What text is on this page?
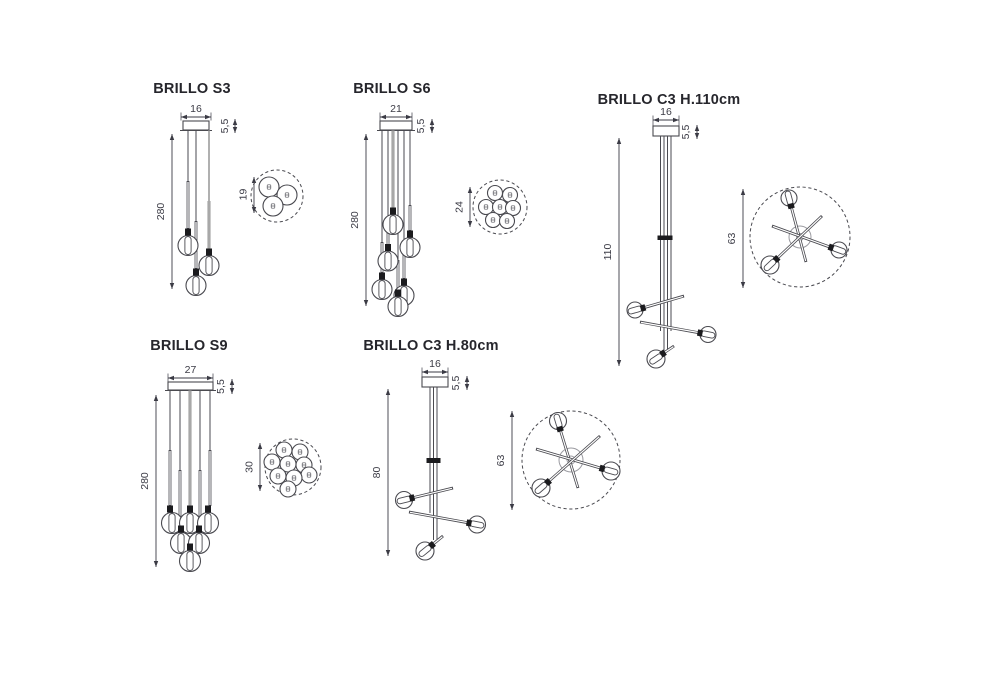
BRILLO S3
16
5,5
280
19
BRILLO S6
21
5,5
280
24
BRILLO C3 H.110cm
16
5,5
110
63
BRILLO S9
27
5,5
280
30
BRILLO C3 H.80cm
16
5,5
80
63
